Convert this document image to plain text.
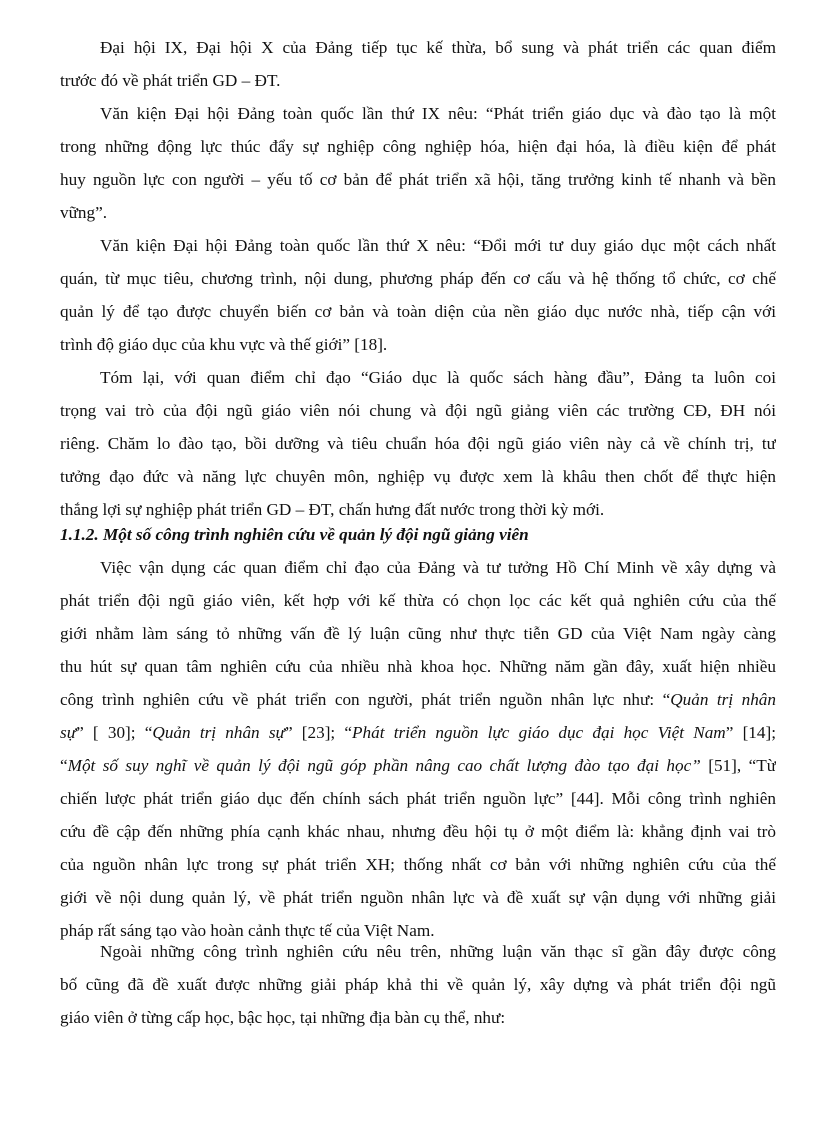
Đại hội IX, Đại hội X của Đảng tiếp tục kế thừa, bổ sung và phát triển các quan điểm
trước đó về phát triển GD – ĐT.
Văn kiện Đại hội Đảng toàn quốc lần thứ IX nêu: “Phát triển giáo dục và đào tạo là một
trong những động lực thúc đẩy sự nghiệp công nghiệp hóa, hiện đại hóa, là điều kiện để phát
huy nguồn lực con người – yếu tố cơ bản để phát triển xã hội, tăng trưởng kinh tế nhanh và bền
vững”.
Văn kiện Đại hội Đảng toàn quốc lần thứ X nêu: “Đổi mới tư duy giáo dục một cách nhất
quán, từ mục tiêu, chương trình, nội dung, phương pháp đến cơ cấu và hệ thống tổ chức, cơ chế
quản lý để tạo được chuyển biến cơ bản và toàn diện của nền giáo dục nước nhà, tiếp cận với
trình độ giáo dục của khu vực và thế giới” [18].
Tóm lại, với quan điểm chỉ đạo “Giáo dục là quốc sách hàng đầu”, Đảng ta luôn coi
trọng vai trò của đội ngũ giáo viên nói chung và đội ngũ giảng viên các trường CĐ, ĐH nói
riêng. Chăm lo đào tạo, bồi dưỡng và tiêu chuẩn hóa đội ngũ giáo viên này cả về chính trị, tư
tưởng đạo đức và năng lực chuyên môn, nghiệp vụ được xem là khâu then chốt để thực hiện
thắng lợi sự nghiệp phát triển GD – ĐT, chấn hưng đất nước trong thời kỳ mới.
1.1.2. Một số công trình nghiên cứu về quản lý đội ngũ giảng viên
Việc vận dụng các quan điểm chỉ đạo của Đảng và tư tưởng Hồ Chí Minh về xây dựng và
phát triển đội ngũ giáo viên, kết hợp với kế thừa có chọn lọc các kết quả nghiên cứu của thế
giới nhằm làm sáng tỏ những vấn đề lý luận cũng như thực tiễn GD của Việt Nam ngày càng
thu hút sự quan tâm nghiên cứu của nhiều nhà khoa học. Những năm gần đây, xuất hiện nhiều
công trình nghiên cứu về phát triển con người, phát triển nguồn nhân lực như: “Quản trị nhân
sự” [ 30]; “Quản trị nhân sự” [23]; “Phát triển nguồn lực giáo dục đại học Việt Nam” [14];
“Một số suy nghĩ về quản lý đội ngũ góp phần nâng cao chất lượng đào tạo đại học” [51], “Từ
chiến lược phát triển giáo dục đến chính sách phát triển nguồn lực” [44]. Mỗi công trình nghiên
cứu đề cập đến những phía cạnh khác nhau, nhưng đều hội tụ ở một điểm là: khẳng định vai trò
của nguồn nhân lực trong sự phát triển XH; thống nhất cơ bản với những nghiên cứu của thế
giới về nội dung quản lý, về phát triển nguồn nhân lực và đề xuất sự vận dụng với những giải
pháp rất sáng tạo vào hoàn cảnh thực tế của Việt Nam.
Ngoài những công trình nghiên cứu nêu trên, những luận văn thạc sĩ gần đây được công
bố cũng đã đề xuất được những giải pháp khả thi về quản lý, xây dựng và phát triển đội ngũ
giáo viên ở từng cấp học, bậc học, tại những địa bàn cụ thể, như:
